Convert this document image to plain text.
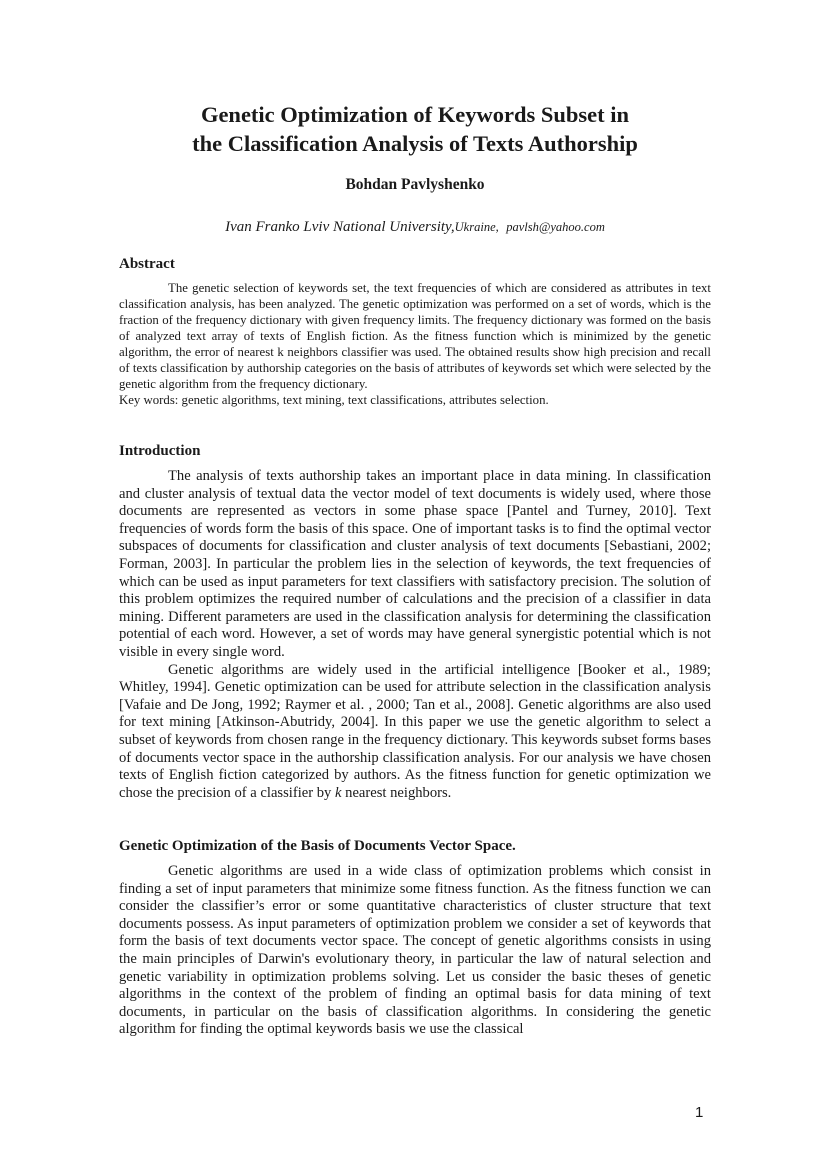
Genetic Optimization of Keywords Subset in
the Classification Analysis of Texts Authorship
Bohdan Pavlyshenko
Ivan Franko Lviv National University,Ukraine, pavlsh@yahoo.com
Abstract

The genetic selection of keywords set, the text frequencies of which are considered as attributes in text classification analysis, has been analyzed. The genetic optimization was performed on a set of words, which is the fraction of the frequency dictionary with given frequency limits. The frequency dictionary was formed on the basis of analyzed text array of texts of English fiction. As the fitness function which is minimized by the genetic algorithm, the error of nearest k neighbors classifier was used. The obtained results show high precision and recall of texts classification by authorship categories on the basis of attributes of keywords set which were selected by the genetic algorithm from the frequency dictionary.

Key words: genetic algorithms, text mining, text classifications, attributes selection.

Introduction

The analysis of texts authorship takes an important place in data mining. In classification and cluster analysis of textual data the vector model of text documents is widely used, where those documents are represented as vectors in some phase space [Pantel and Turney, 2010]. Text frequencies of words form the basis of this space. One of important tasks is to find the optimal vector subspaces of documents for classification and cluster analysis of text documents [Sebastiani, 2002; Forman, 2003]. In particular the problem lies in the selection of keywords, the text frequencies of which can be used as input parameters for text classifiers with satisfactory precision. The solution of this problem optimizes the required number of calculations and the precision of a classifier in data mining. Different parameters are used in the classification analysis for determining the classification potential of each word. However, a set of words may have general synergistic potential which is not visible in every single word.

Genetic algorithms are widely used in the artificial intelligence [Booker et al., 1989; Whitley, 1994]. Genetic optimization can be used for attribute selection in the classification analysis [Vafaie and De Jong, 1992; Raymer et al. , 2000; Tan et al., 2008]. Genetic algorithms are also used for text mining [Atkinson-Abutridy, 2004]. In this paper we use the genetic algorithm to select a subset of keywords from chosen range in the frequency dictionary. This keywords subset forms bases of documents vector space in the authorship classification analysis. For our analysis we have chosen texts of English fiction categorized by authors. As the fitness function for genetic optimization we chose the precision of a classifier by k nearest neighbors.

Genetic Optimization of the Basis of Documents Vector Space.

Genetic algorithms are used in a wide class of optimization problems which consist in finding a set of input parameters that minimize some fitness function. As the fitness function we can consider the classifier’s error or some quantitative characteristics of cluster structure that text documents possess. As input parameters of optimization problem we consider a set of keywords that form the basis of text documents vector space. The concept of genetic algorithms consists in using the main principles of Darwin's evolutionary theory, in particular the law of natural selection and genetic variability in optimization problems solving. Let us consider the basic theses of genetic algorithms in the context of the problem of finding an optimal basis for data mining of text documents, in particular on the basis of classification algorithms. In considering the genetic algorithm for finding the optimal keywords basis we use the classical

1
